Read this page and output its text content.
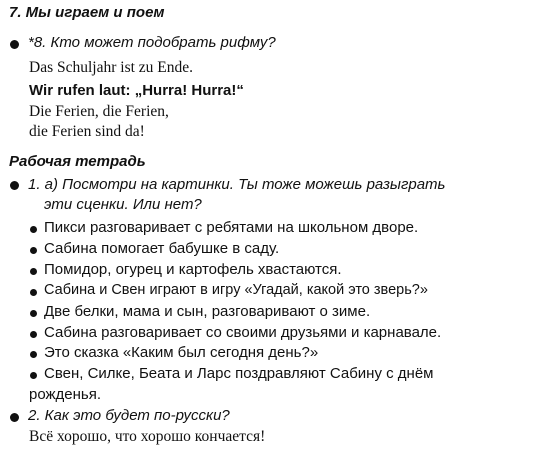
7. Мы играем и поем
*8. Кто может подобрать рифму?
Das Schuljahr ist zu Ende.
Wir rufen laut: „Hurra! Hurra!“
Die Ferien, die Ferien,
die Ferien sind da!
Рабочая тетрадь
1. а) Посмотри на картинки. Ты тоже можешь разыграть
эти сценки. Или нет?
Пикси разговаривает с ребятами на школьном дворе.
Сабина помогает бабушке в саду.
Помидор, огурец и картофель хвастаются.
Сабина и Свен играют в игру «Угадай, какой это зверь?»
Две белки, мама и сын, разговаривают о зиме.
Сабина разговаривает со своими друзьями и карнавале.
Это сказка «Каким был сегодня день?»
Свен, Силке, Беата и Ларс поздравляют Сабину с днём
рожденья.
2. Как это будет по-русски?
Всё хорошо, что хорошо кончается!
